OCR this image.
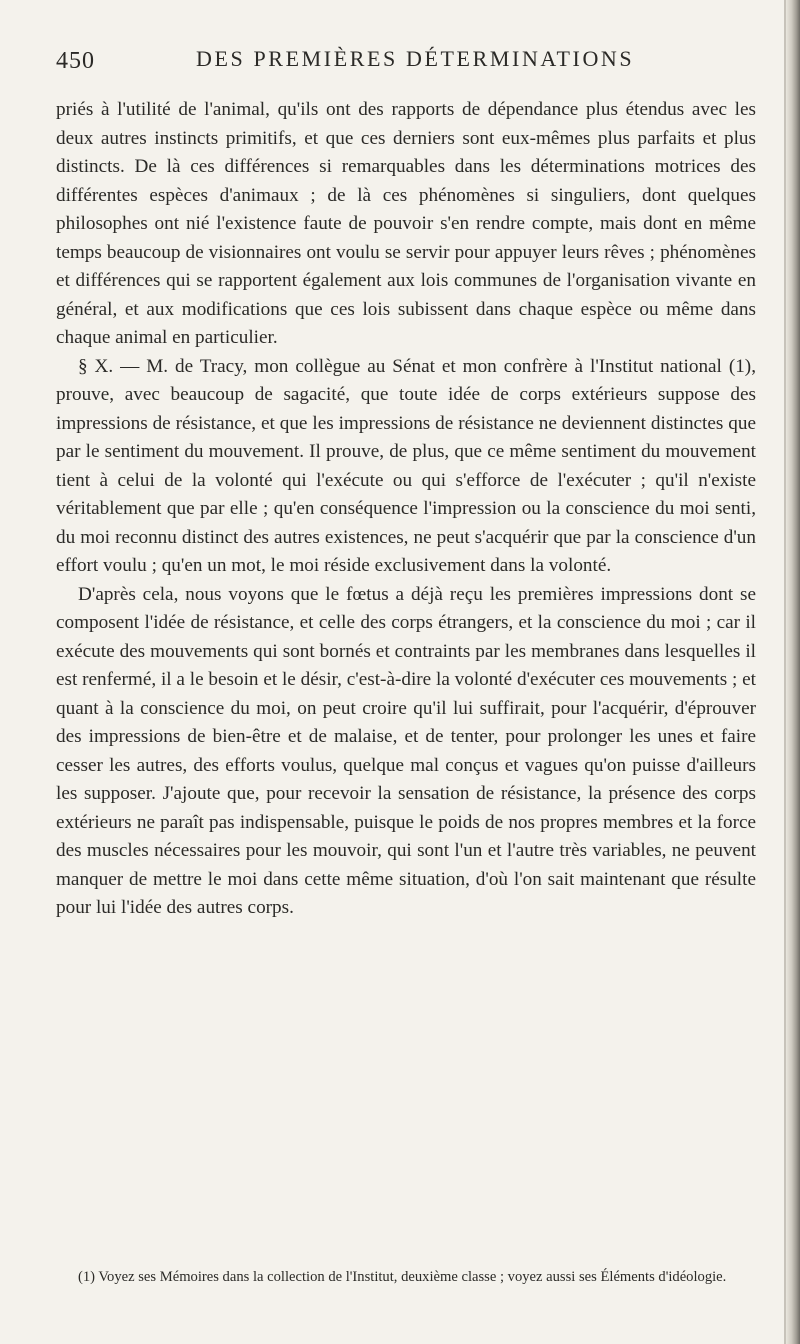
450	DES PREMIÈRES DÉTERMINATIONS

priés à l'utilité de l'animal, qu'ils ont des rapports de dépendance plus étendus avec les deux autres instincts primitifs, et que ces derniers sont eux-mêmes plus parfaits et plus distincts. De là ces différences si remarquables dans les déterminations motrices des différentes espèces d'animaux ; de là ces phénomènes si singuliers, dont quelques philosophes ont nié l'existence faute de pouvoir s'en rendre compte, mais dont en même temps beaucoup de visionnaires ont voulu se servir pour appuyer leurs rêves ; phénomènes et différences qui se rapportent également aux lois communes de l'organisation vivante en général, et aux modifications que ces lois subissent dans chaque espèce ou même dans chaque animal en particulier.

§ X. — M. de Tracy, mon collègue au Sénat et mon confrère à l'Institut national (1), prouve, avec beaucoup de sagacité, que toute idée de corps extérieurs suppose des impressions de résistance, et que les impressions de résistance ne deviennent distinctes que par le sentiment du mouvement. Il prouve, de plus, que ce même sentiment du mouvement tient à celui de la volonté qui l'exécute ou qui s'efforce de l'exécuter ; qu'il n'existe véritablement que par elle ; qu'en conséquence l'impression ou la conscience du moi senti, du moi reconnu distinct des autres existences, ne peut s'acquérir que par la conscience d'un effort voulu ; qu'en un mot, le moi réside exclusivement dans la volonté.

D'après cela, nous voyons que le fœtus a déjà reçu les premières impressions dont se composent l'idée de résistance, et celle des corps étrangers, et la conscience du moi ; car il exécute des mouvements qui sont bornés et contraints par les membranes dans lesquelles il est renfermé, il a le besoin et le désir, c'est-à-dire la volonté d'exécuter ces mouvements ; et quant à la conscience du moi, on peut croire qu'il lui suffirait, pour l'acquérir, d'éprouver des impressions de bien-être et de malaise, et de tenter, pour prolonger les unes et faire cesser les autres, des efforts voulus, quelque mal conçus et vagues qu'on puisse d'ailleurs les supposer. J'ajoute que, pour recevoir la sensation de résistance, la présence des corps extérieurs ne paraît pas indispensable, puisque le poids de nos propres membres et la force des muscles nécessaires pour les mouvoir, qui sont l'un et l'autre très variables, ne peuvent manquer de mettre le moi dans cette même situation, d'où l'on sait maintenant que résulte pour lui l'idée des autres corps.

(1) Voyez ses Mémoires dans la collection de l'Institut, deuxième classe ; voyez aussi ses Éléments d'idéologie.
